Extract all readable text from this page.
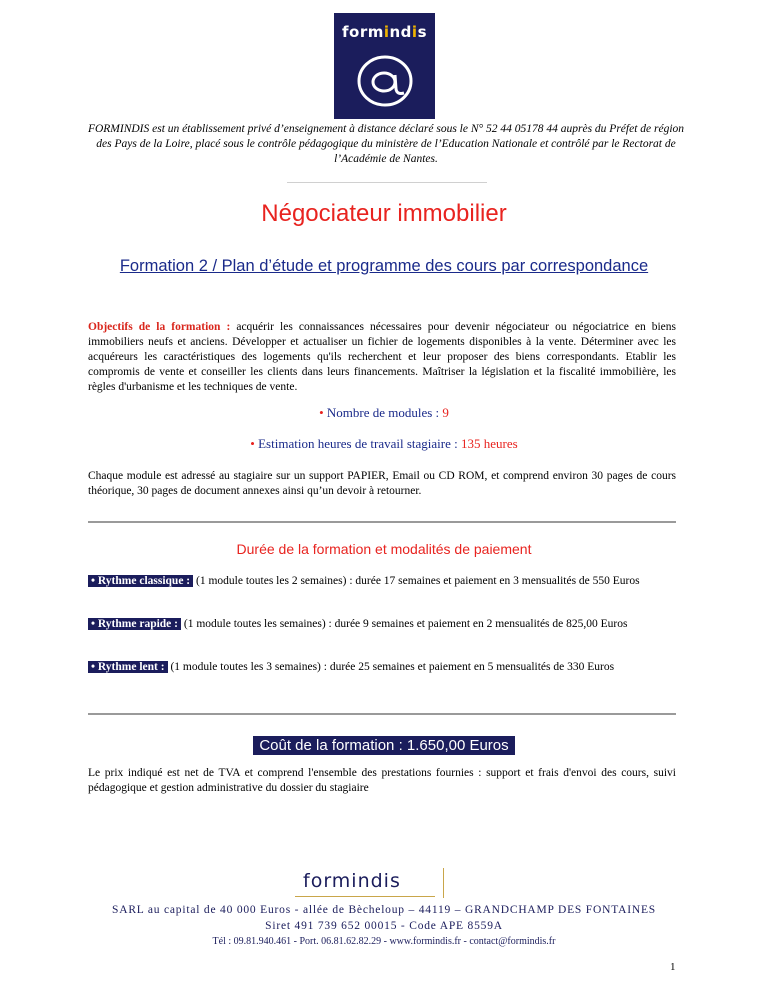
formindis
FORMINDIS est un établissement privé d’enseignement à distance déclaré sous le N° 52 44 05178 44 auprès du Préfet de région des Pays de la Loire, placé sous le contrôle pédagogique du ministère de l’Education Nationale et contrôlé par le Rectorat de l’Académie de Nantes.
Négociateur immobilier
Formation 2 / Plan d’étude et programme des cours par correspondance
Objectifs de la formation : acquérir les connaissances nécessaires pour devenir négociateur ou négociatrice en biens immobiliers neufs et anciens. Développer et actualiser un fichier de logements disponibles à la vente. Déterminer avec les acquéreurs les caractéristiques des logements qu'ils recherchent et leur proposer des biens correspondants. Etablir les compromis de vente et conseiller les clients dans leurs financements. Maîtriser la législation et la fiscalité immobilière, les règles d'urbanisme et les techniques de vente.
• Nombre de modules : 9
• Estimation heures de travail stagiaire : 135 heures
Chaque module est adressé au stagiaire sur un support PAPIER, Email ou CD ROM, et comprend environ 30 pages de cours théorique, 30 pages de document annexes ainsi qu’un devoir à retourner.
Durée de la formation et modalités de paiement
• Rythme classique : (1 module toutes les 2 semaines) : durée 17 semaines et paiement en 3 mensualités de 550 Euros
• Rythme rapide : (1 module toutes les semaines) : durée 9 semaines et paiement en 2 mensualités de 825,00 Euros
• Rythme lent : (1 module toutes les 3 semaines) : durée 25 semaines et paiement en 5 mensualités de 330 Euros
Coût de la formation : 1.650,00 Euros
Le prix indiqué est net de TVA et comprend l'ensemble des prestations fournies : support et frais d'envoi des cours, suivi pédagogique et gestion administrative du dossier du stagiaire
formindis
SARL au capital de 40 000 Euros - allée de Bècheloup – 44119 – GRANDCHAMP DES FONTAINES
Siret 491 739 652 00015 - Code APE 8559A
Tél : 09.81.940.461 - Port. 06.81.62.82.29 - www.formindis.fr - contact@formindis.fr
1
